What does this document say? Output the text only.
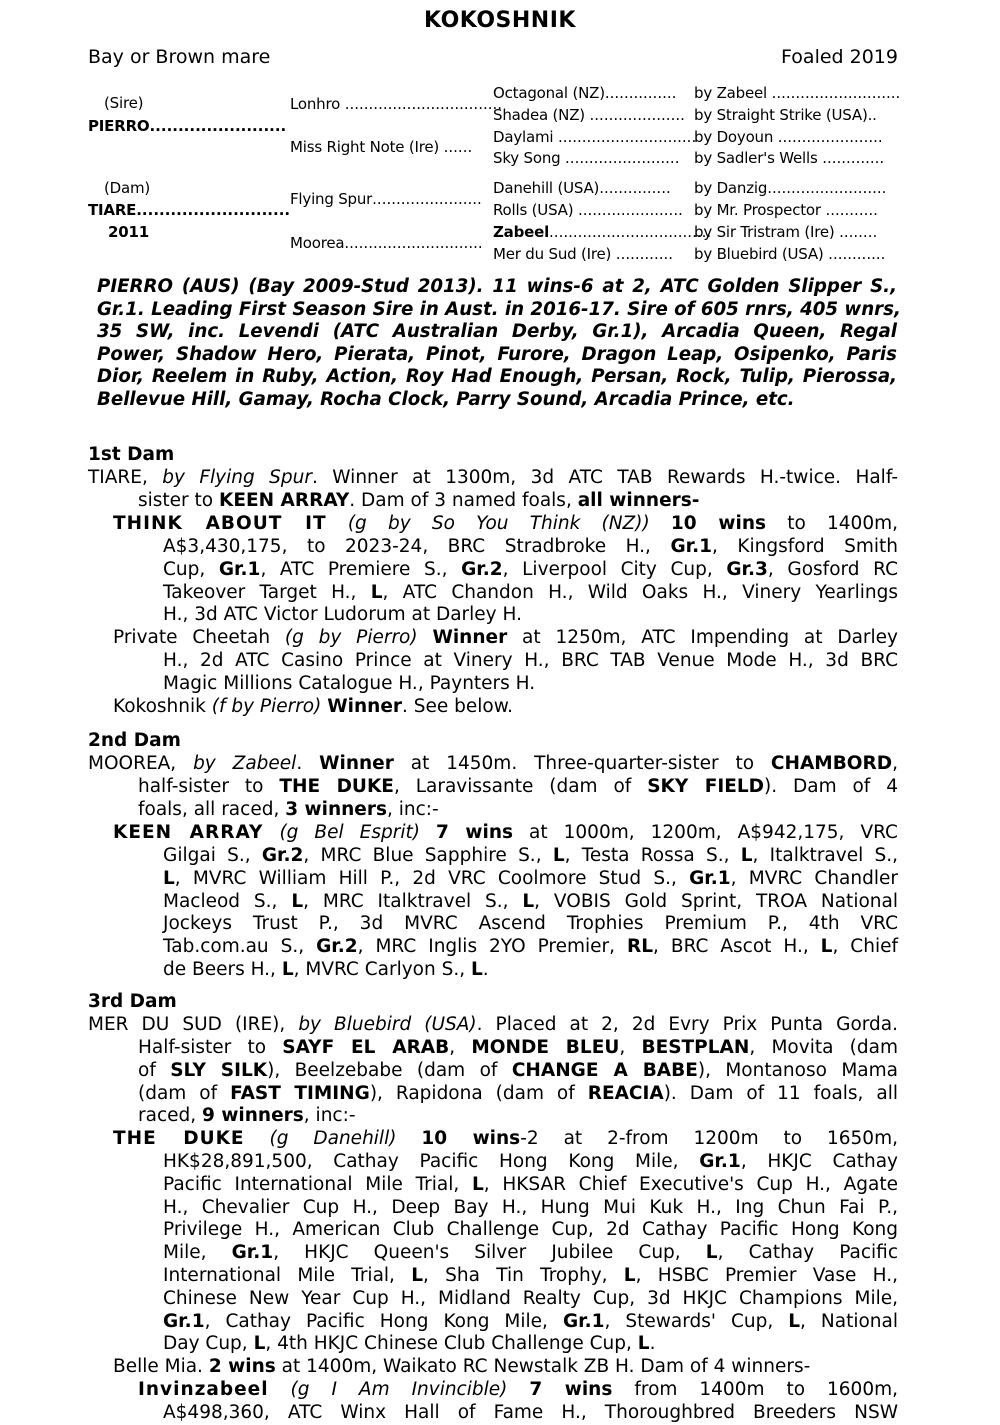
KOKOSHNIK
Bay or Brown mare	Foaled 2019
(Sire)
PIERRO........................
(Dam)
TIARE...........................
2011
Lonhro .................................
Miss Right Note (Ire) ......
Flying Spur.......................
Moorea.............................
Octagonal (NZ)...............
Shadea (NZ) ....................
Daylami .............................
Sky Song ........................
Danehill (USA)...............
Rolls (USA) ......................
Zabeel..................................
Mer du Sud (Ire) ............
by Zabeel ...........................
by Straight Strike (USA)..
by Doyoun ......................
by Sadler's Wells .............
by Danzig.........................
by Mr. Prospector ...........
by Sir Tristram (Ire) ........
by Bluebird (USA) ............
PIERRO (AUS) (Bay 2009-Stud 2013). 11 wins-6 at 2, ATC Golden Slipper S.,
Gr.1. Leading First Season Sire in Aust. in 2016-17. Sire of 605 rnrs, 405 wnrs,
35 SW, inc. Levendi (ATC Australian Derby, Gr.1), Arcadia Queen, Regal
Power, Shadow Hero, Pierata, Pinot, Furore, Dragon Leap, Osipenko, Paris
Dior, Reelem in Ruby, Action, Roy Had Enough, Persan, Rock, Tulip, Pierossa,
Bellevue Hill, Gamay, Rocha Clock, Parry Sound, Arcadia Prince, etc.
1st Dam
TIARE, by Flying Spur. Winner at 1300m, 3d ATC TAB Rewards H.-twice. Half-
sister to KEEN ARRAY. Dam of 3 named foals, all winners-
THINK ABOUT IT (g by So You Think (NZ)) 10 wins to 1400m,
A$3,430,175, to 2023-24, BRC Stradbroke H., Gr.1, Kingsford Smith
Cup, Gr.1, ATC Premiere S., Gr.2, Liverpool City Cup, Gr.3, Gosford RC
Takeover Target H., L, ATC Chandon H., Wild Oaks H., Vinery Yearlings
H., 3d ATC Victor Ludorum at Darley H.
Private Cheetah (g by Pierro) Winner at 1250m, ATC Impending at Darley
H., 2d ATC Casino Prince at Vinery H., BRC TAB Venue Mode H., 3d BRC
Magic Millions Catalogue H., Paynters H.
Kokoshnik (f by Pierro) Winner. See below.
2nd Dam
MOOREA, by Zabeel. Winner at 1450m. Three-quarter-sister to CHAMBORD,
half-sister to THE DUKE, Laravissante (dam of SKY FIELD). Dam of 4
foals, all raced, 3 winners, inc:-
KEEN ARRAY (g Bel Esprit) 7 wins at 1000m, 1200m, A$942,175, VRC
Gilgai S., Gr.2, MRC Blue Sapphire S., L, Testa Rossa S., L, Italktravel S.,
L, MVRC William Hill P., 2d VRC Coolmore Stud S., Gr.1, MVRC Chandler
Macleod S., L, MRC Italktravel S., L, VOBIS Gold Sprint, TROA National
Jockeys Trust P., 3d MVRC Ascend Trophies Premium P., 4th VRC
Tab.com.au S., Gr.2, MRC Inglis 2YO Premier, RL, BRC Ascot H., L, Chief
de Beers H., L, MVRC Carlyon S., L.
3rd Dam
MER DU SUD (IRE), by Bluebird (USA). Placed at 2, 2d Evry Prix Punta Gorda.
Half-sister to SAYF EL ARAB, MONDE BLEU, BESTPLAN, Movita (dam
of SLY SILK), Beelzebabe (dam of CHANGE A BABE), Montanoso Mama
(dam of FAST TIMING), Rapidona (dam of REACIA). Dam of 11 foals, all
raced, 9 winners, inc:-
THE DUKE (g Danehill) 10 wins-2 at 2-from 1200m to 1650m,
HK$28,891,500, Cathay Pacific Hong Kong Mile, Gr.1, HKJC Cathay
Pacific International Mile Trial, L, HKSAR Chief Executive's Cup H., Agate
H., Chevalier Cup H., Deep Bay H., Hung Mui Kuk H., Ing Chun Fai P.,
Privilege H., American Club Challenge Cup, 2d Cathay Pacific Hong Kong
Mile, Gr.1, HKJC Queen's Silver Jubilee Cup, L, Cathay Pacific
International Mile Trial, L, Sha Tin Trophy, L, HSBC Premier Vase H.,
Chinese New Year Cup H., Midland Realty Cup, 3d HKJC Champions Mile,
Gr.1, Cathay Pacific Hong Kong Mile, Gr.1, Stewards' Cup, L, National
Day Cup, L, 4th HKJC Chinese Club Challenge Cup, L.
Belle Mia. 2 wins at 1400m, Waikato RC Newstalk ZB H. Dam of 4 winners-
Invinzabeel (g I Am Invincible) 7 wins from 1400m to 1600m,
A$498,360, ATC Winx Hall of Fame H., Thoroughbred Breeders NSW
